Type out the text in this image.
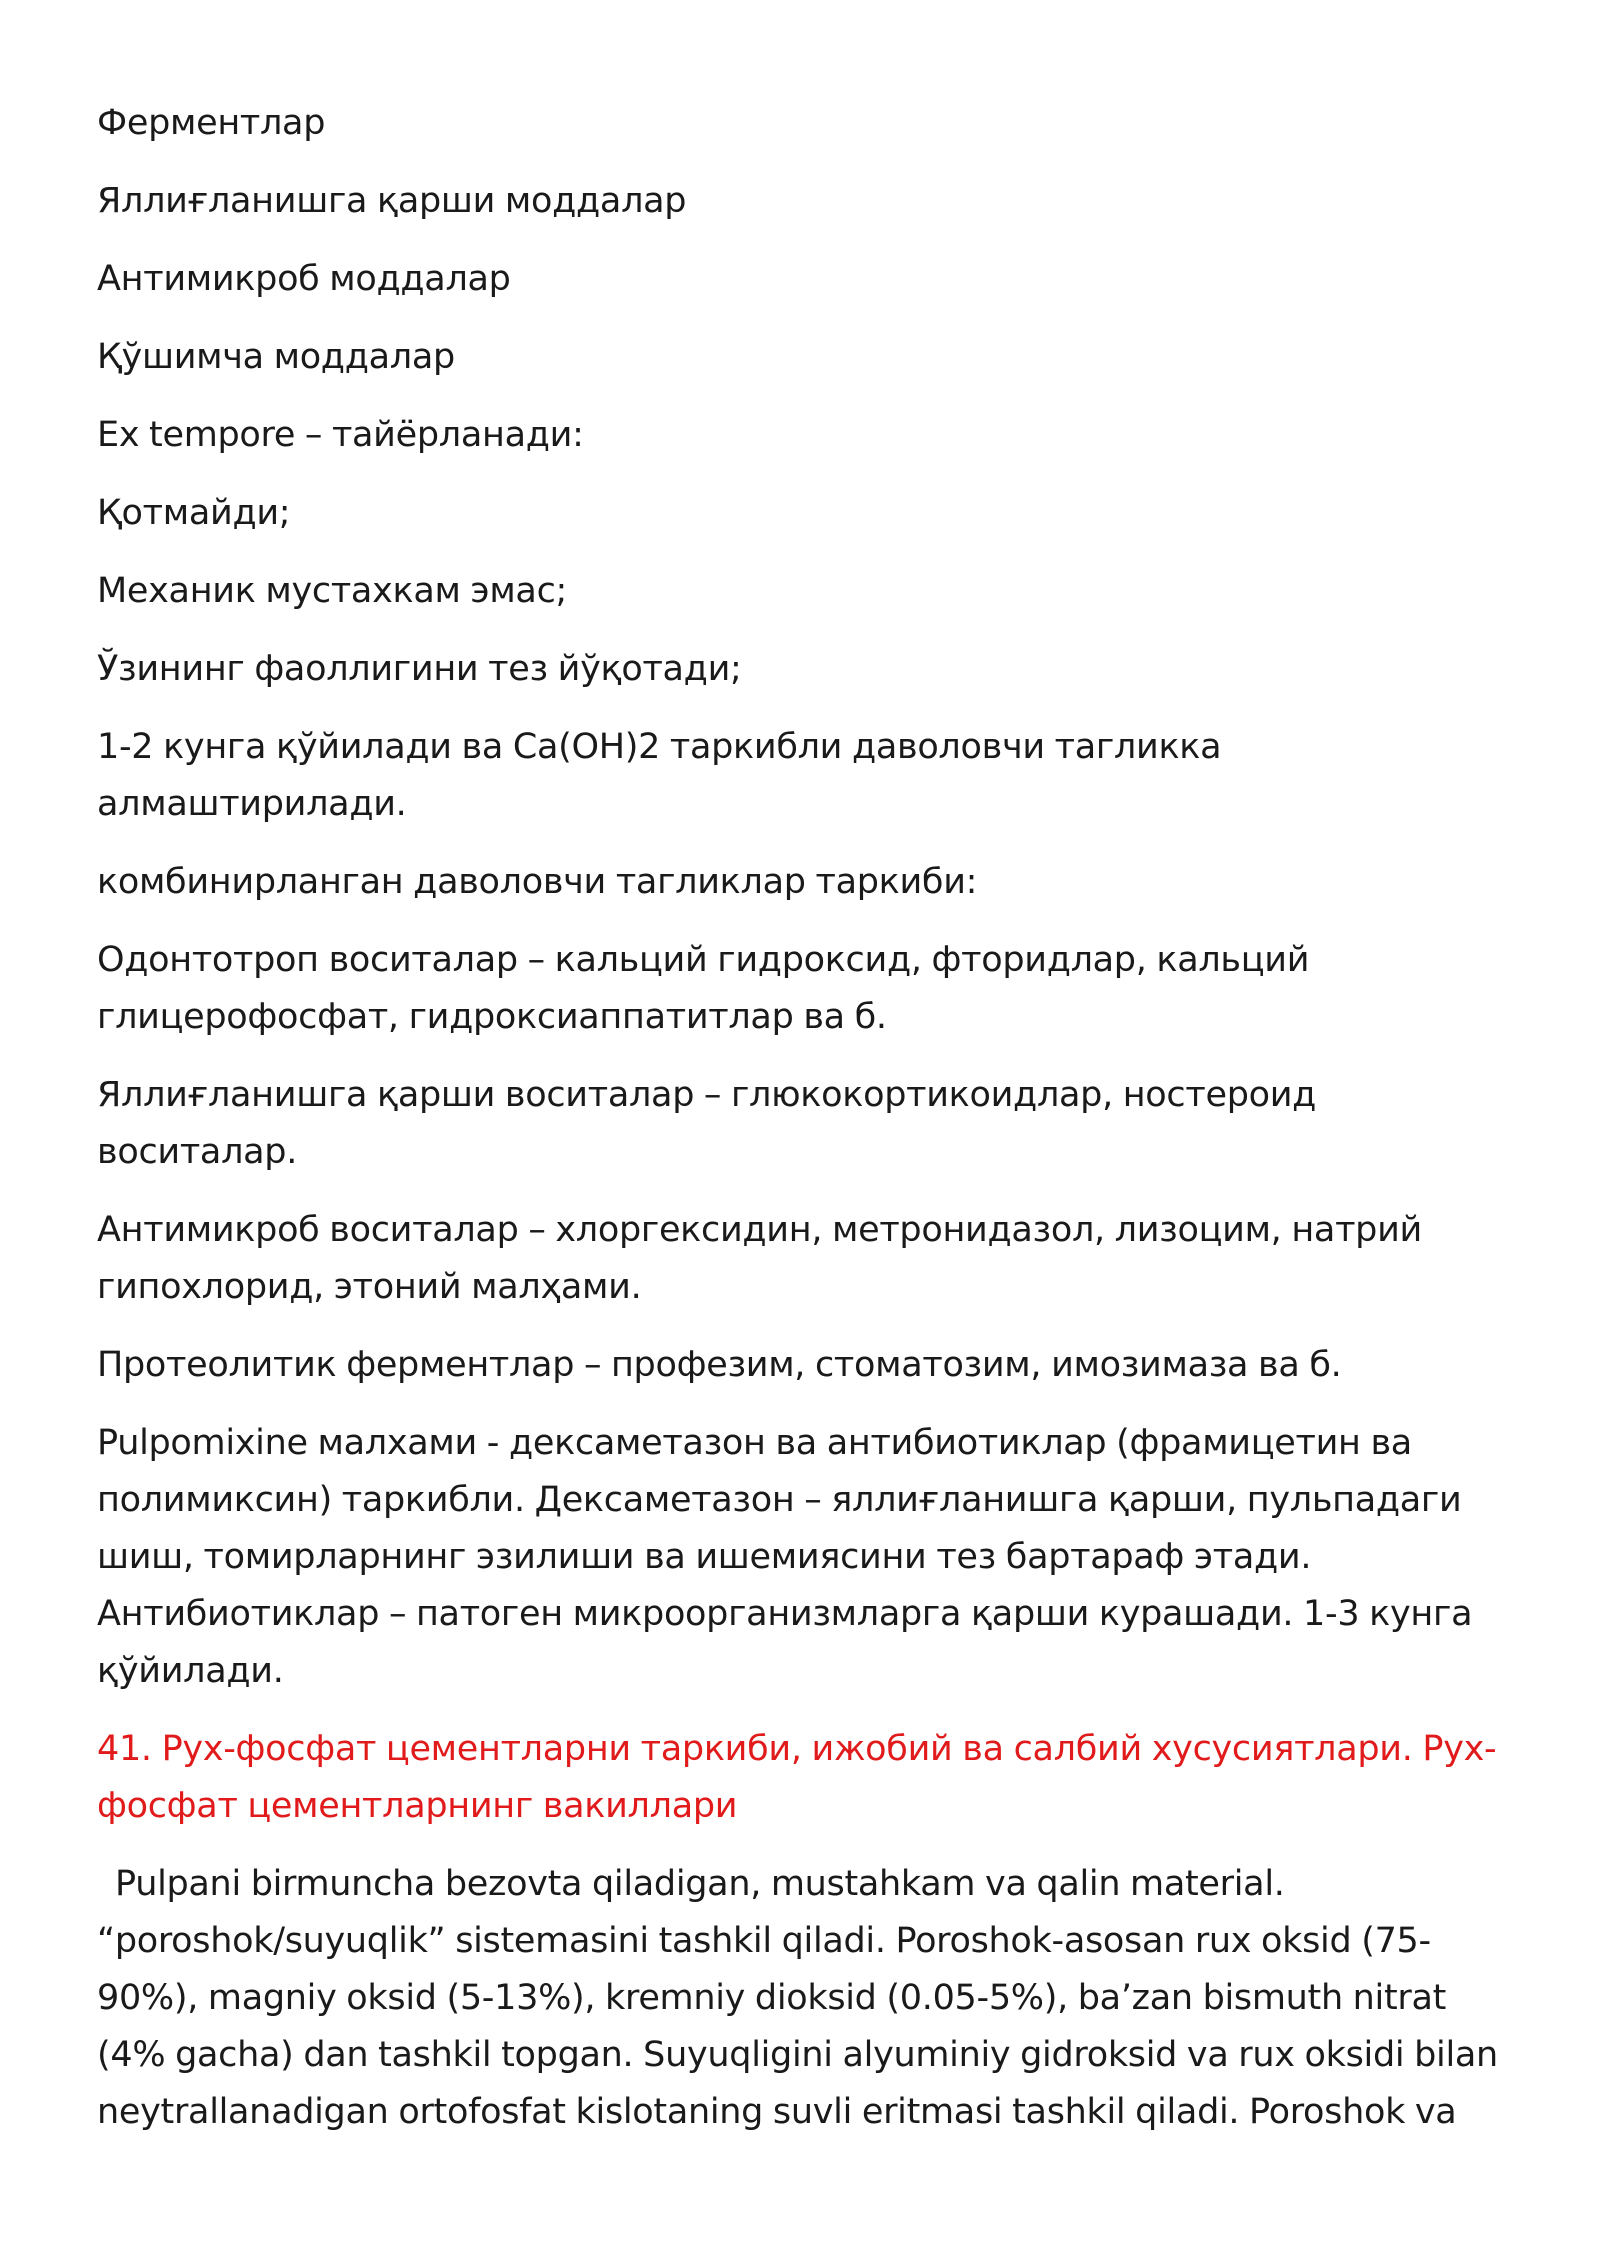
Ферментлар

Яллиғланишга қарши моддалар

Антимикроб моддалар

Қўшимча моддалар

Ex tempore – тайёрланади:

Қотмайди;

Механик мустахкам эмас;

Ўзининг фаоллигини тез йўқотади;

1-2 кунга қўйилади ва Ca(OH)2 таркибли даволовчи тагликка алмаштирилади.

комбинирланган даволовчи тагликлар таркиби:

Одонтотроп воситалар – кальций гидроксид, фторидлар, кальций глицерофосфат, гидроксиаппатитлар ва б.

Яллиғланишга қарши воситалар – глюкокортикоидлар, ностероид воситалар.

Антимикроб воситалар – хлоргексидин, метронидазол, лизоцим, натрий гипохлорид, этоний малҳами.

Протеолитик ферментлар – профезим, стоматозим, имозимаза ва б.

Pulpomixine малхами - дексаметазон ва антибиотиклар (фрамицетин ва полимиксин) таркибли. Дексаметазон – яллиғланишга қарши, пульпадаги шиш, томирларнинг эзилиши ва ишемиясини тез бартараф этади. Антибиотиклар – патоген микроорганизмларга қарши курашади. 1-3 кунга қўйилади.

41. Рух-фосфат цементларни таркиби, ижобий ва салбий хусусиятлари. Рух-фосфат цементларнинг вакиллари

Pulpani birmuncha bezovta qiladigan, mustahkam va qalin material. “poroshok/suyuqlik” sistemasini tashkil qiladi. Poroshok-asosan rux oksid (75-90%), magniy oksid (5-13%), kremniy dioksid (0.05-5%), ba’zan bismuth nitrat (4% gacha) dan tashkil topgan. Suyuqligini alyuminiy gidroksid va rux oksidi bilan neytrallanadigan ortofosfat kislotaning suvli eritmasi tashkil qiladi. Poroshok va
